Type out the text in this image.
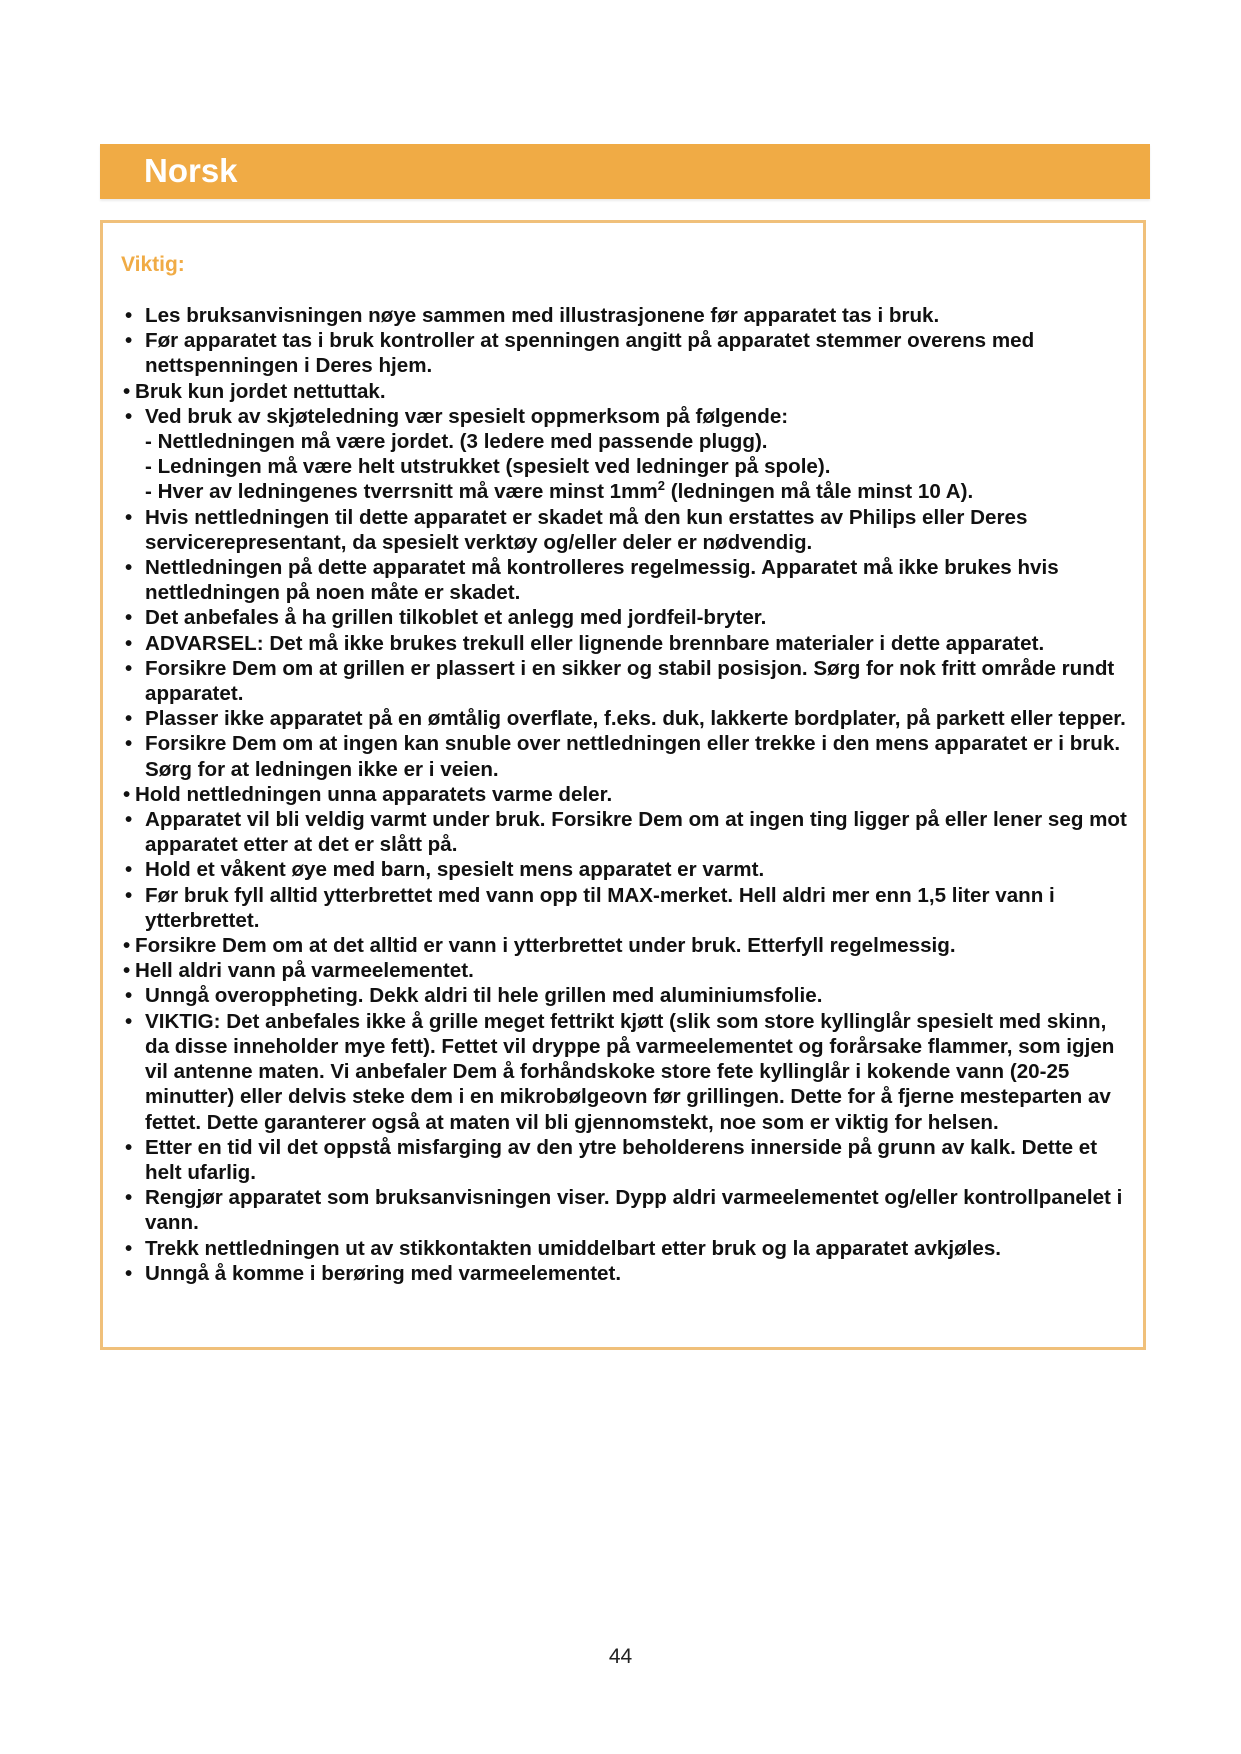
Norsk
Viktig:
• Les bruksanvisningen nøye sammen med illustrasjonene før apparatet tas i bruk.
• Før apparatet tas i bruk kontroller at spenningen angitt på apparatet stemmer overens med nettspenningen i Deres hjem.
• Bruk kun jordet nettuttak.
• Ved bruk av skjøteledning vær spesielt oppmerksom på følgende:
- Nettledningen må være jordet. (3 ledere med passende plugg).
- Ledningen må være helt utstrukket (spesielt ved ledninger på spole).
- Hver av ledningenes tverrsnitt må være minst $1mm^2$ (ledningen må tåle minst 10 A).
• Hvis nettledningen til dette apparatet er skadet må den kun erstattes av Philips eller Deres servicerepresentant, da spesielt verktøy og/eller deler er nødvendig.
• Nettledningen på dette apparatet må kontrolleres regelmessig. Apparatet må ikke brukes hvis nettledningen på noen måte er skadet.
• Det anbefales å ha grillen tilkoblet et anlegg med jordfeil-bryter.
• ADVARSEL: Det må ikke brukes trekull eller lignende brennbare materialer i dette apparatet.
• Forsikre Dem om at grillen er plassert i en sikker og stabil posisjon. Sørg for nok fritt område rundt apparatet.
• Plasser ikke apparatet på en ømtålig overflate, f.eks. duk, lakkerte bordplater, på parkett eller tepper.
• Forsikre Dem om at ingen kan snuble over nettledningen eller trekke i den mens apparatet er i bruk. Sørg for at ledningen ikke er i veien.
• Hold nettledningen unna apparatets varme deler.
• Apparatet vil bli veldig varmt under bruk. Forsikre Dem om at ingen ting ligger på eller lener seg mot apparatet etter at det er slått på.
• Hold et våkent øye med barn, spesielt mens apparatet er varmt.
• Før bruk fyll alltid ytterbrettet med vann opp til MAX-merket. Hell aldri mer enn 1,5 liter vann i ytterbrettet.
• Forsikre Dem om at det alltid er vann i ytterbrettet under bruk. Etterfyll regelmessig.
• Hell aldri vann på varmeelementet.
• Unngå overoppheting. Dekk aldri til hele grillen med aluminiumsfolie.
• VIKTIG: Det anbefales ikke å grille meget fettrikt kjøtt (slik som store kyllinglår spesielt med skinn, da disse inneholder mye fett). Fettet vil dryppe på varmeelementet og forårsake flammer, som igjen vil antenne maten. Vi anbefaler Dem å forhåndskoke store fete kyllinglår i kokende vann (20-25 minutter) eller delvis steke dem i en mikrobølgeovn før grillingen. Dette for å fjerne mesteparten av fettet. Dette garanterer også at maten vil bli gjennomstekt, noe som er viktig for helsen.
• Etter en tid vil det oppstå misfarging av den ytre beholderens innerside på grunn av kalk. Dette et helt ufarlig.
• Rengjør apparatet som bruksanvisningen viser. Dypp aldri varmeelementet og/eller kontrollpanelet i vann.
• Trekk nettledningen ut av stikkontakten umiddelbart etter bruk og la apparatet avkjøles.
• Unngå å komme i berøring med varmeelementet.
44
